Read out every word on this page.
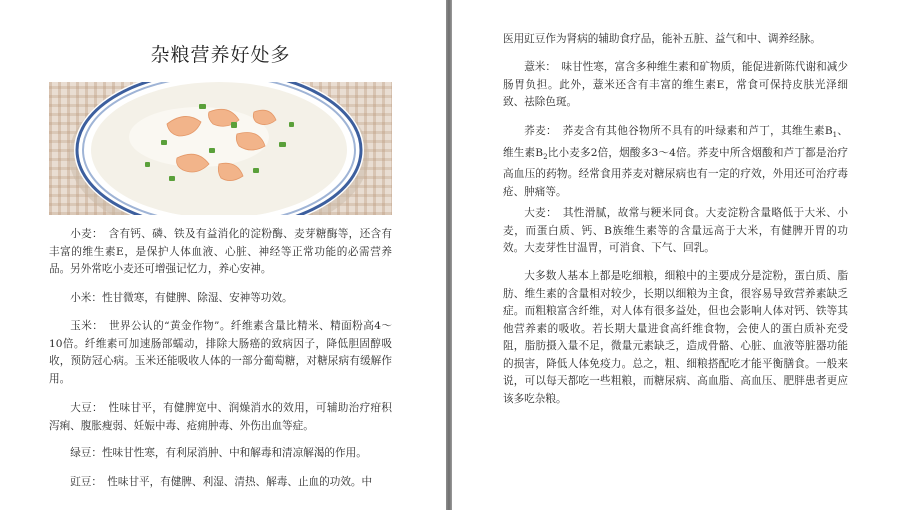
杂粮营养好处多

小麦：　含有钙、磷、铁及有益消化的淀粉酶、麦芽糖酶等，还含有丰富的维生素E，是保护人体血液、心脏、神经等正常功能的必需营养品。另外常吃小麦还可增强记忆力，养心安神。

小米：性甘微寒，有健脾、除湿、安神等功效。

玉米：　世界公认的“黄金作物”。纤维素含量比精米、精面粉高4～10倍。纤维素可加速肠部蠕动，排除大肠癌的致病因子，降低胆固醇吸收，预防冠心病。玉米还能吸收人体的一部分葡萄糖，对糖尿病有缓解作用。

大豆：　性味甘平，有健脾宽中、润燥消水的效用，可辅助治疗疳积泻痢、腹胀瘦弱、妊娠中毒、疮痈肿毒、外伤出血等症。

绿豆：性味甘性寒，有利尿消肿、中和解毒和清凉解渴的作用。

豇豆：　性味甘平，有健脾、利湿、清热、解毒、止血的功效。中

医用豇豆作为肾病的辅助食疗品，能补五脏、益气和中、调养经脉。

薏米：　味甘性寒，富含多种维生素和矿物质，能促进新陈代谢和减少肠胃负担。此外，薏米还含有丰富的维生素E，常食可保持皮肤光泽细致、祛除色斑。

荞麦：　荞麦含有其他谷物所不具有的叶绿素和芦丁，其维生素$B_1$、维生素$B_2$比小麦多2倍，烟酸多3～4倍。荞麦中所含烟酸和芦丁都是治疗高血压的药物。经常食用荞麦对糖尿病也有一定的疗效，外用还可治疗毒疮、肿痛等。

大麦：　其性滑腻，故常与粳米同食。大麦淀粉含量略低于大米、小麦，而蛋白质、钙、B族维生素等的含量远高于大米，有健脾开胃的功效。大麦芽性甘温胃，可消食、下气、回乳。

大多数人基本上都是吃细粮，细粮中的主要成分是淀粉，蛋白质、脂肪、维生素的含量相对较少，长期以细粮为主食，很容易导致营养素缺乏症。而粗粮富含纤维，对人体有很多益处，但也会影响人体对钙、铁等其他营养素的吸收。若长期大量进食高纤维食物，会使人的蛋白质补充受阻，脂肪摄入量不足，微量元素缺乏，造成骨骼、心脏、血液等脏器功能的损害，降低人体免疫力。总之，粗、细粮搭配吃才能平衡膳食。一般来说，可以每天都吃一些粗粮，而糖尿病、高血脂、高血压、肥胖患者更应该多吃杂粮。
